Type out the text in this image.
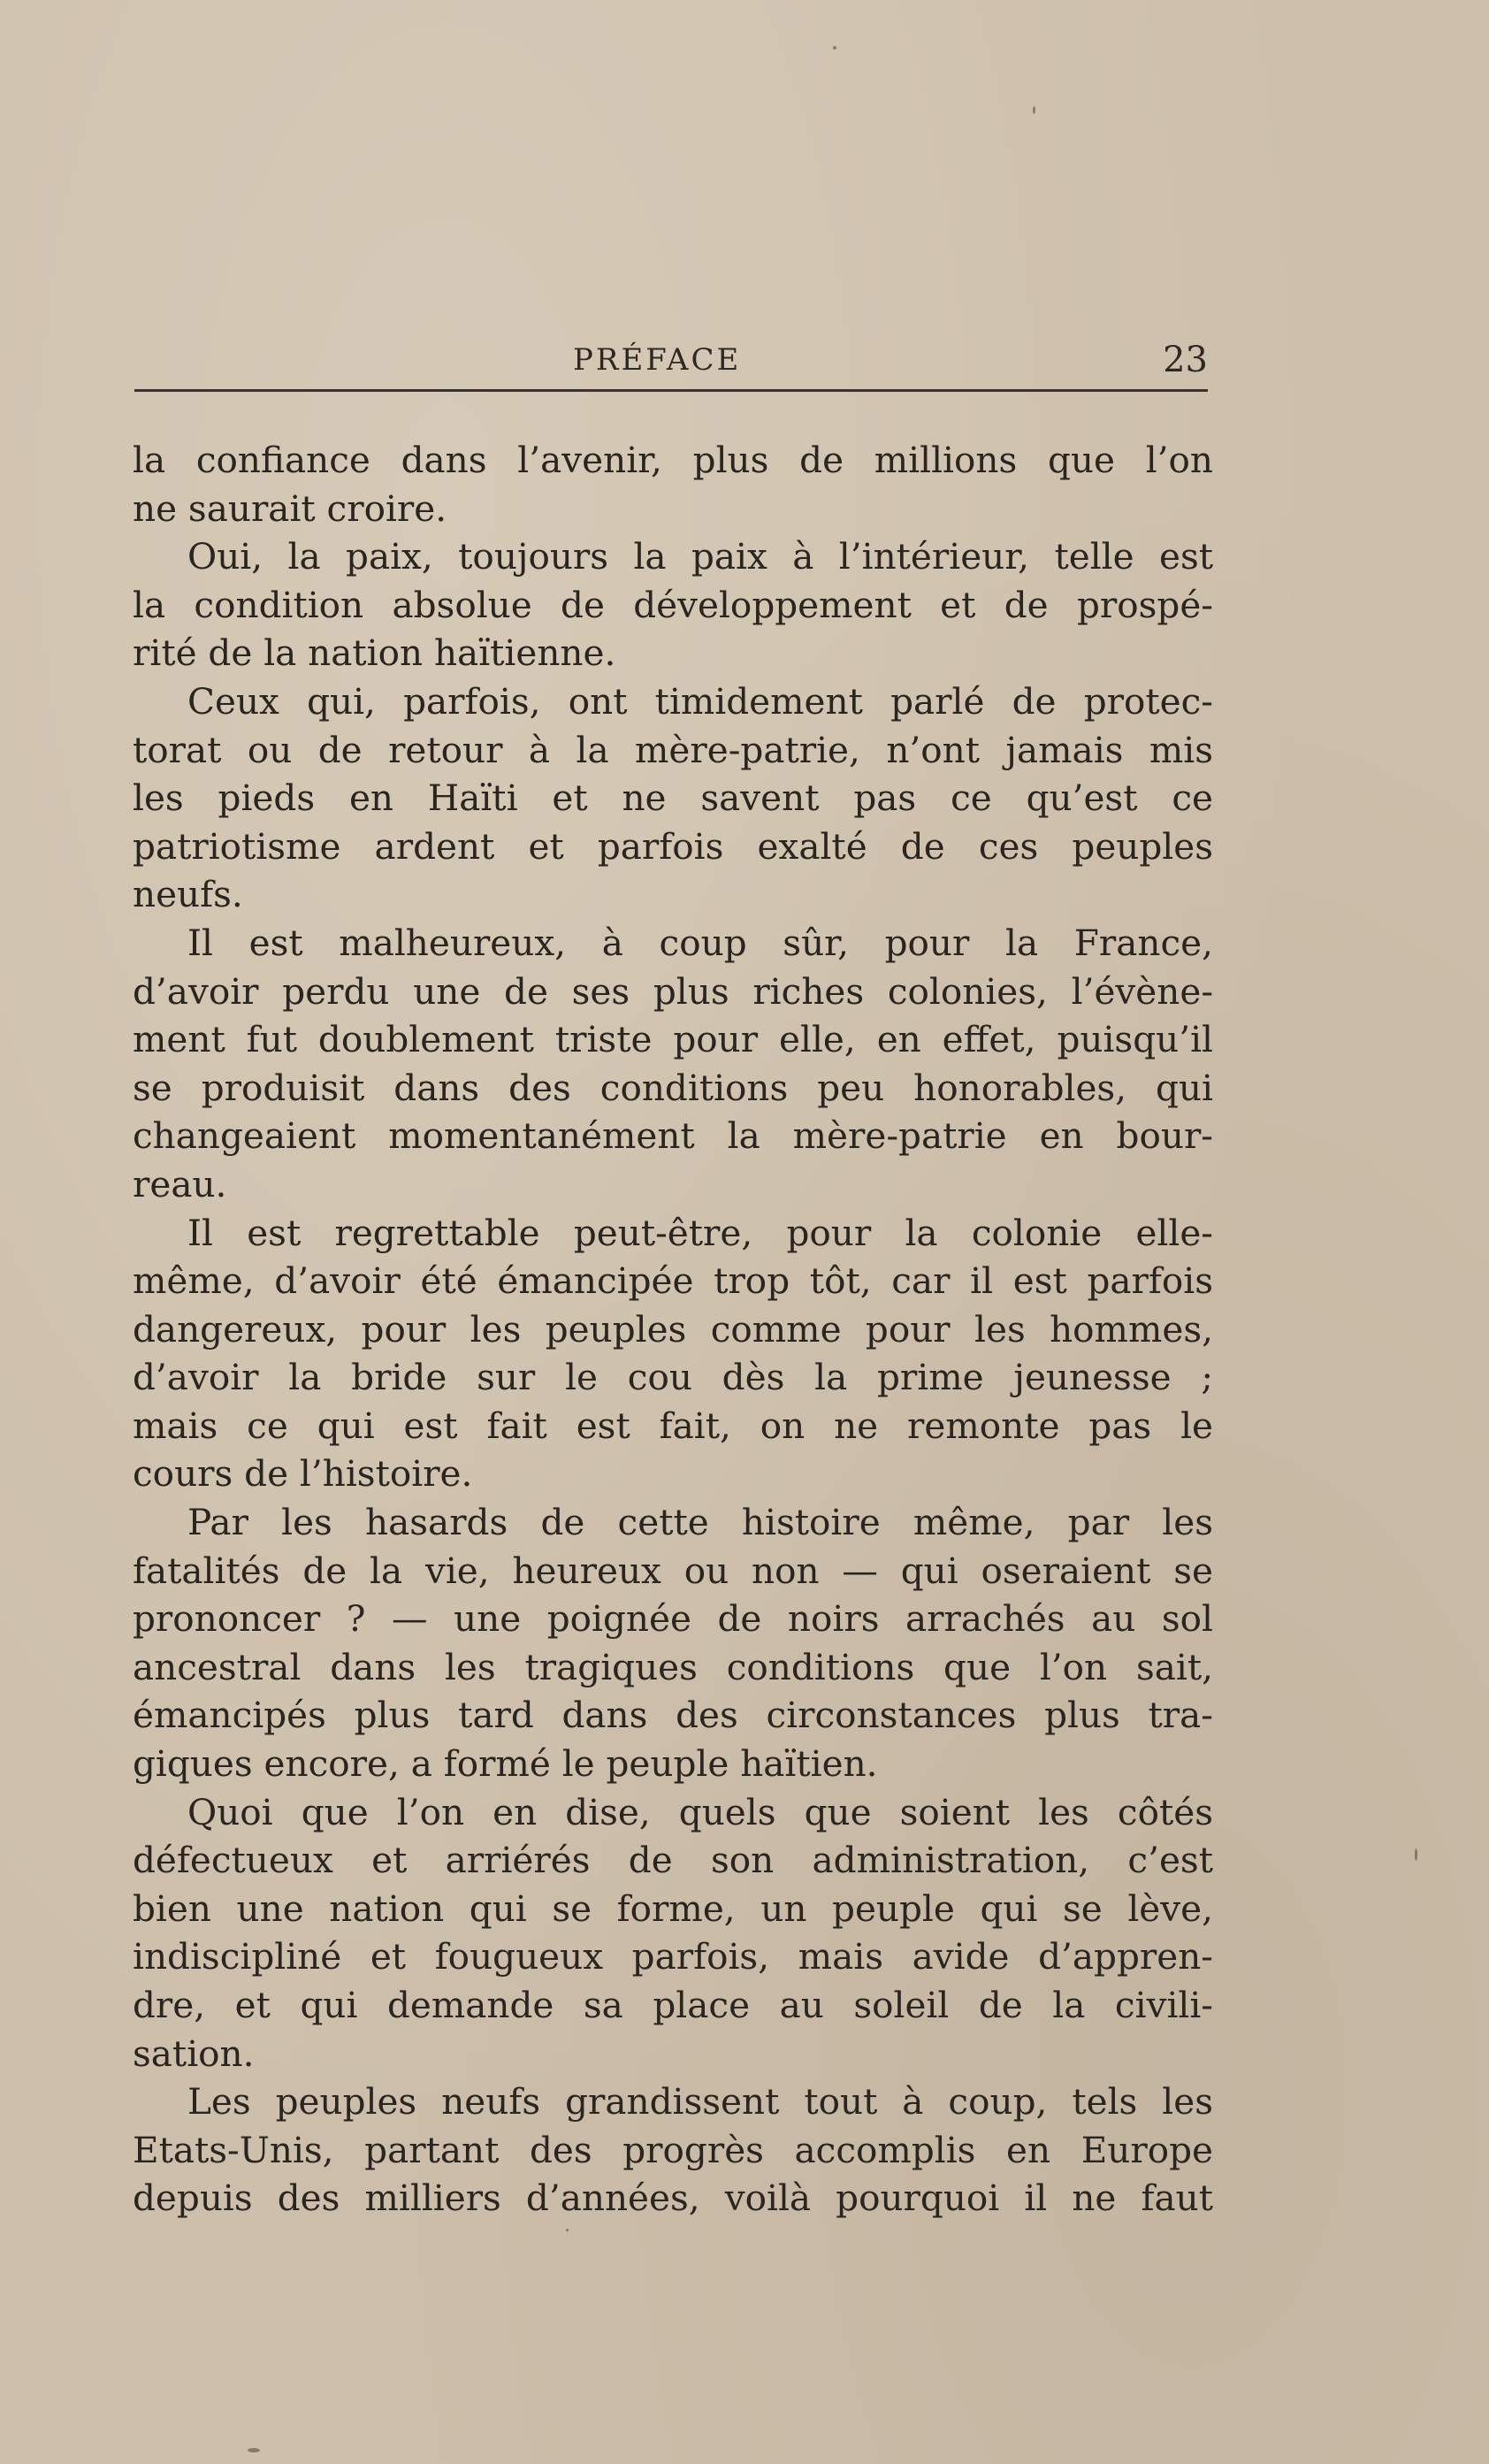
PRÉFACE	23
la confiance dans l’avenir, plus de millions que l’on
ne saurait croire.
Oui, la paix, toujours la paix à l’intérieur, telle est
la condition absolue de développement et de prospé-
rité de la nation haïtienne.
Ceux qui, parfois, ont timidement parlé de protec-
torat ou de retour à la mère-patrie, n’ont jamais mis
les pieds en Haïti et ne savent pas ce qu’est ce
patriotisme ardent et parfois exalté de ces peuples
neufs.
Il est malheureux, à coup sûr, pour la France,
d’avoir perdu une de ses plus riches colonies, l’évène-
ment fut doublement triste pour elle, en effet, puisqu’il
se produisit dans des conditions peu honorables, qui
changeaient momentanément la mère-patrie en bour-
reau.
Il est regrettable peut-être, pour la colonie elle-
même, d’avoir été émancipée trop tôt, car il est parfois
dangereux, pour les peuples comme pour les hommes,
d’avoir la bride sur le cou dès la prime jeunesse ;
mais ce qui est fait est fait, on ne remonte pas le
cours de l’histoire.
Par les hasards de cette histoire même, par les
fatalités de la vie, heureux ou non — qui oseraient se
prononcer ? — une poignée de noirs arrachés au sol
ancestral dans les tragiques conditions que l’on sait,
émancipés plus tard dans des circonstances plus tra-
giques encore, a formé le peuple haïtien.
Quoi que l’on en dise, quels que soient les côtés
défectueux et arriérés de son administration, c’est
bien une nation qui se forme, un peuple qui se lève,
indiscipliné et fougueux parfois, mais avide d’appren-
dre, et qui demande sa place au soleil de la civili-
sation.
Les peuples neufs grandissent tout à coup, tels les
Etats-Unis, partant des progrès accomplis en Europe
depuis des milliers d’années, voilà pourquoi il ne faut
